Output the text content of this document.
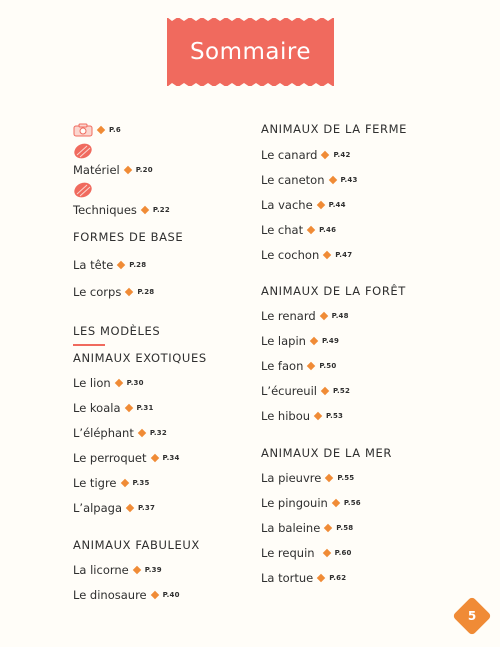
Sommaire
P.6
Matériel P.20
Techniques P.22
FORMES DE BASE
La tête P.28
Le corps P.28
LES MODÈLES
ANIMAUX EXOTIQUES
Le lion P.30
Le koala P.31
L’éléphant P.32
Le perroquet P.34
Le tigre P.35
L’alpaga P.37
ANIMAUX FABULEUX
La licorne P.39
Le dinosaure P.40
ANIMAUX DE LA FERME
Le canard P.42
Le caneton P.43
La vache P.44
Le chat P.46
Le cochon P.47
ANIMAUX DE LA FORÊT
Le renard P.48
Le lapin P.49
Le faon P.50
L’écureuil P.52
Le hibou P.53
ANIMAUX DE LA MER
La pieuvre P.55
Le pingouin P.56
La baleine P.58
Le requin	P.60
La tortue P.62
5
